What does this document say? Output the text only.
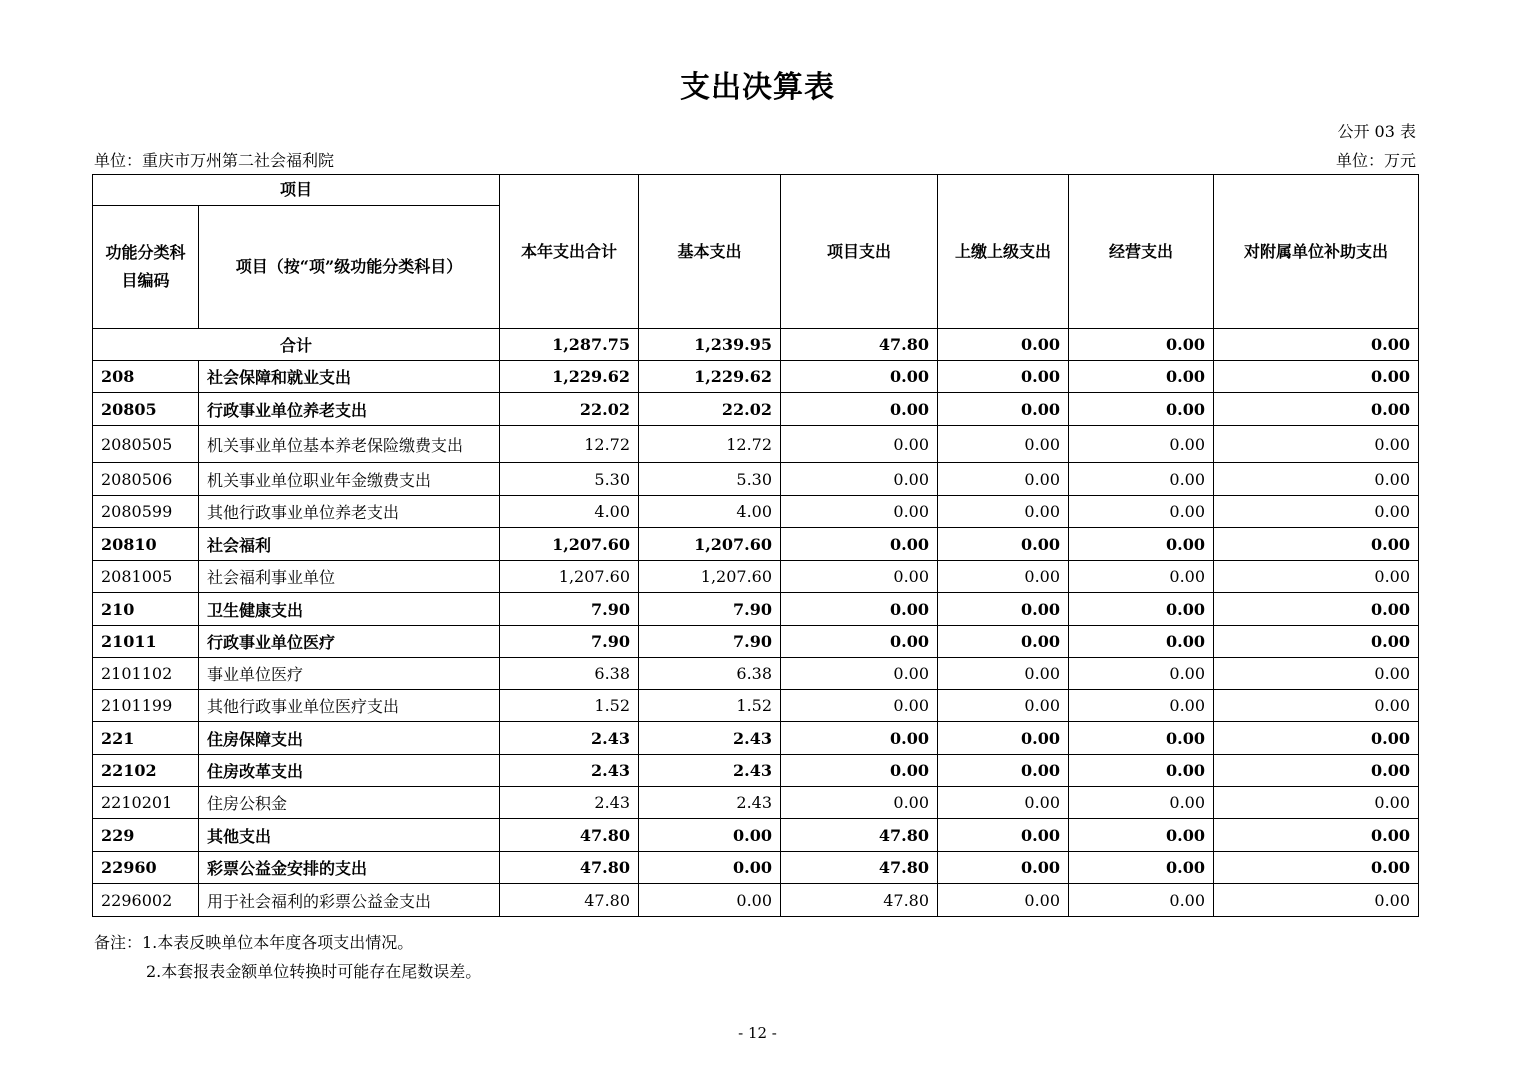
支出决算表
公开 03 表
单位：重庆市万州第二社会福利院	单位：万元
项目		本年支出合计	基本支出	项目支出	上缴上级支出	经营支出	对附属单位补助支出
功能分类科目编码	项目（按“项”级功能分类科目）						
合计		1,287.75	1,239.95	47.80	0.00	0.00	0.00
208	社会保障和就业支出	1,229.62	1,229.62	0.00	0.00	0.00	0.00
20805	行政事业单位养老支出	22.02	22.02	0.00	0.00	0.00	0.00
2080505	机关事业单位基本养老保险缴费支出	12.72	12.72	0.00	0.00	0.00	0.00
2080506	机关事业单位职业年金缴费支出	5.30	5.30	0.00	0.00	0.00	0.00
2080599	其他行政事业单位养老支出	4.00	4.00	0.00	0.00	0.00	0.00
20810	社会福利	1,207.60	1,207.60	0.00	0.00	0.00	0.00
2081005	社会福利事业单位	1,207.60	1,207.60	0.00	0.00	0.00	0.00
210	卫生健康支出	7.90	7.90	0.00	0.00	0.00	0.00
21011	行政事业单位医疗	7.90	7.90	0.00	0.00	0.00	0.00
2101102	事业单位医疗	6.38	6.38	0.00	0.00	0.00	0.00
2101199	其他行政事业单位医疗支出	1.52	1.52	0.00	0.00	0.00	0.00
221	住房保障支出	2.43	2.43	0.00	0.00	0.00	0.00
22102	住房改革支出	2.43	2.43	0.00	0.00	0.00	0.00
2210201	住房公积金	2.43	2.43	0.00	0.00	0.00	0.00
229	其他支出	47.80	0.00	47.80	0.00	0.00	0.00
22960	彩票公益金安排的支出	47.80	0.00	47.80	0.00	0.00	0.00
2296002	用于社会福利的彩票公益金支出	47.80	0.00	47.80	0.00	0.00	0.00
备注：1.本表反映单位本年度各项支出情况。
2.本套报表金额单位转换时可能存在尾数误差。
- 12 -
